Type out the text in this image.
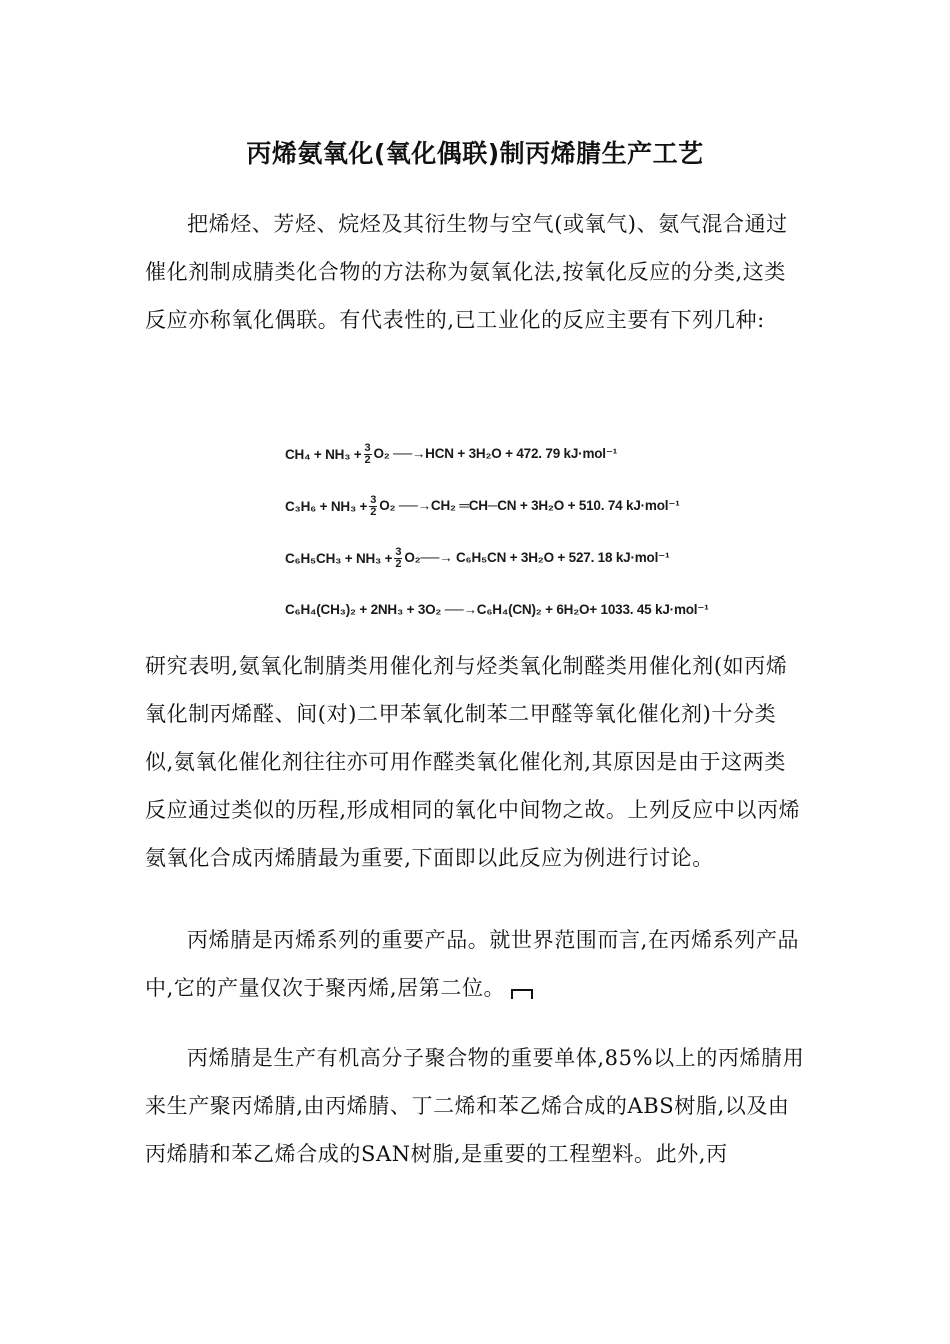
丙烯氨氧化(氧化偶联)制丙烯腈生产工艺

把烯烃、芳烃、烷烃及其衍生物与空气(或氧气)、氨气混合通过催化剂制成腈类化合物的方法称为氨氧化法,按氧化反应的分类,这类反应亦称氧化偶联。有代表性的,已工业化的反应主要有下列几种:

$CH_4 + NH_3 + \frac{3}{2} O_2$ ──→HCN + 3H₂O + 472. 79 kJ·mol⁻¹
$C_3H_6 + NH_3 + \frac{3}{2} O_2$ ──→CH₂ ═CH─CN + 3H₂O + 510. 74 kJ·mol⁻¹
$C_6H_5CH_3 + NH_3 + \frac{3}{2}$ O₂──→ C₆H₅CN + 3H₂O + 527. 18 kJ·mol⁻¹
C₆H₄(CH₃)₂ + 2NH₃ + 3O₂ ──→C₆H₄(CN)₂ + 6H₂O+ 1033. 45 kJ·mol⁻¹

研究表明,氨氧化制腈类用催化剂与烃类氧化制醛类用催化剂(如丙烯氧化制丙烯醛、间(对)二甲苯氧化制苯二甲醛等氧化催化剂)十分类似,氨氧化催化剂往往亦可用作醛类氧化催化剂,其原因是由于这两类反应通过类似的历程,形成相同的氧化中间物之故。上列反应中以丙烯氨氧化合成丙烯腈最为重要,下面即以此反应为例进行讨论。

丙烯腈是丙烯系列的重要产品。就世界范围而言,在丙烯系列产品中,它的产量仅次于聚丙烯,居第二位。

丙烯腈是生产有机高分子聚合物的重要单体,85%以上的丙烯腈用来生产聚丙烯腈,由丙烯腈、丁二烯和苯乙烯合成的ABS树脂,以及由丙烯腈和苯乙烯合成的SAN树脂,是重要的工程塑料。此外,丙
